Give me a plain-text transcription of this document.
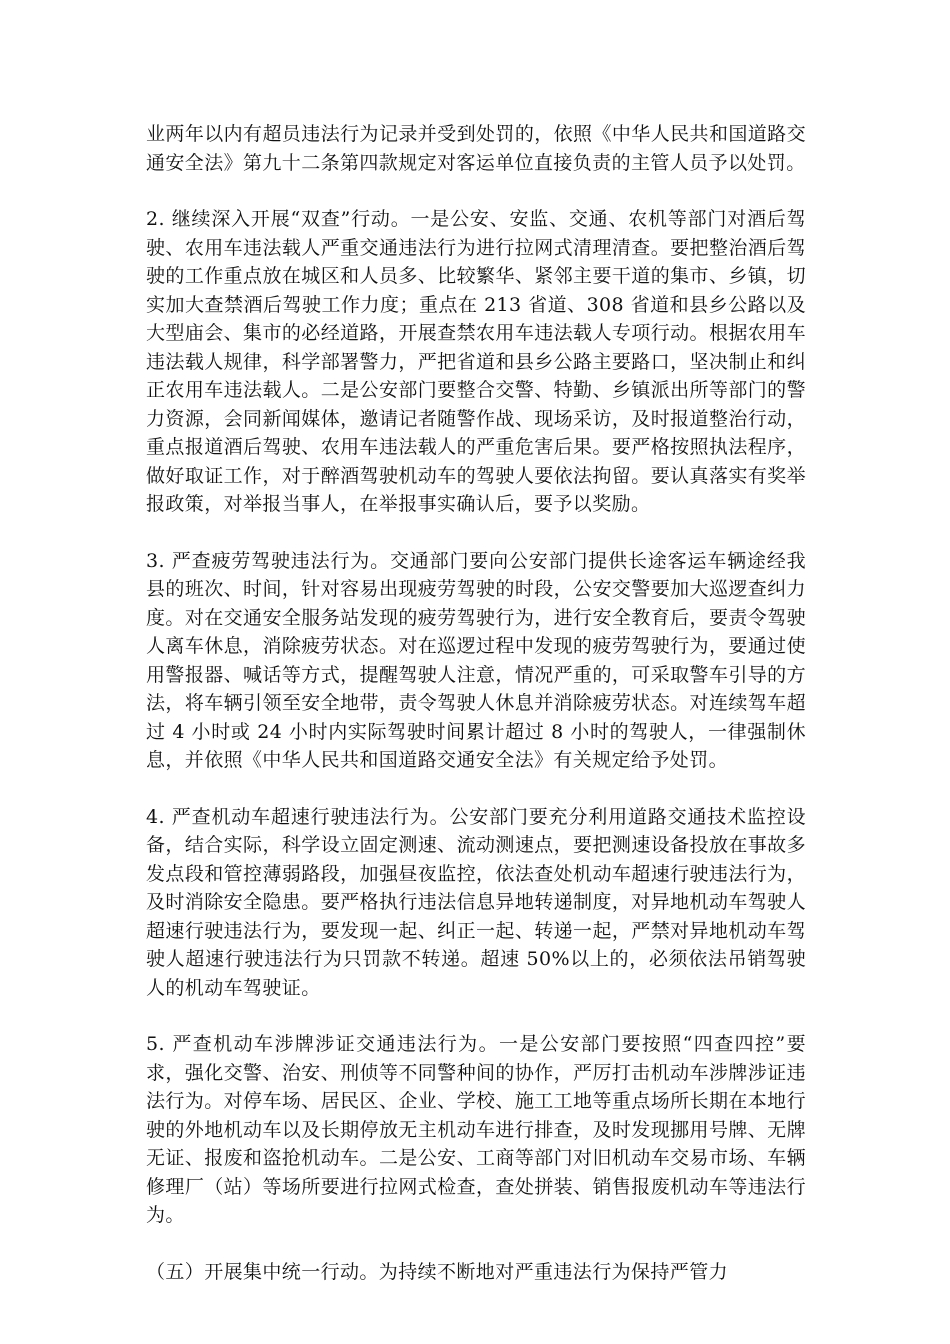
业两年以内有超员违法行为记录并受到处罚的，依照《中华人民共和国道路交通安全法》第九十二条第四款规定对客运单位直接负责的主管人员予以处罚。

2. 继续深入开展“双查”行动。一是公安、安监、交通、农机等部门对酒后驾驶、农用车违法载人严重交通违法行为进行拉网式清理清查。要把整治酒后驾驶的工作重点放在城区和人员多、比较繁华、紧邻主要干道的集市、乡镇，切实加大查禁酒后驾驶工作力度；重点在 213 省道、308 省道和县乡公路以及大型庙会、集市的必经道路，开展查禁农用车违法载人专项行动。根据农用车违法载人规律，科学部署警力，严把省道和县乡公路主要路口，坚决制止和纠正农用车违法载人。二是公安部门要整合交警、特勤、乡镇派出所等部门的警力资源，会同新闻媒体，邀请记者随警作战、现场采访，及时报道整治行动，重点报道酒后驾驶、农用车违法载人的严重危害后果。要严格按照执法程序，做好取证工作，对于醉酒驾驶机动车的驾驶人要依法拘留。要认真落实有奖举报政策，对举报当事人，在举报事实确认后，要予以奖励。

3. 严查疲劳驾驶违法行为。交通部门要向公安部门提供长途客运车辆途经我县的班次、时间，针对容易出现疲劳驾驶的时段，公安交警要加大巡逻查纠力度。对在交通安全服务站发现的疲劳驾驶行为，进行安全教育后，要责令驾驶人离车休息，消除疲劳状态。对在巡逻过程中发现的疲劳驾驶行为，要通过使用警报器、喊话等方式，提醒驾驶人注意，情况严重的，可采取警车引导的方法，将车辆引领至安全地带，责令驾驶人休息并消除疲劳状态。对连续驾车超过 4 小时或 24 小时内实际驾驶时间累计超过 8 小时的驾驶人，一律强制休息，并依照《中华人民共和国道路交通安全法》有关规定给予处罚。

4. 严查机动车超速行驶违法行为。公安部门要充分利用道路交通技术监控设备，结合实际，科学设立固定测速、流动测速点，要把测速设备投放在事故多发点段和管控薄弱路段，加强昼夜监控，依法查处机动车超速行驶违法行为，及时消除安全隐患。要严格执行违法信息异地转递制度，对异地机动车驾驶人超速行驶违法行为，要发现一起、纠正一起、转递一起，严禁对异地机动车驾驶人超速行驶违法行为只罚款不转递。超速 50%以上的，必须依法吊销驾驶人的机动车驾驶证。

5. 严查机动车涉牌涉证交通违法行为。一是公安部门要按照“四查四控”要求，强化交警、治安、刑侦等不同警种间的协作，严厉打击机动车涉牌涉证违法行为。对停车场、居民区、企业、学校、施工工地等重点场所长期在本地行驶的外地机动车以及长期停放无主机动车进行排查，及时发现挪用号牌、无牌无证、报废和盗抢机动车。二是公安、工商等部门对旧机动车交易市场、车辆修理厂（站）等场所要进行拉网式检查，查处拼装、销售报废机动车等违法行为。

（五）开展集中统一行动。为持续不断地对严重违法行为保持严管力
